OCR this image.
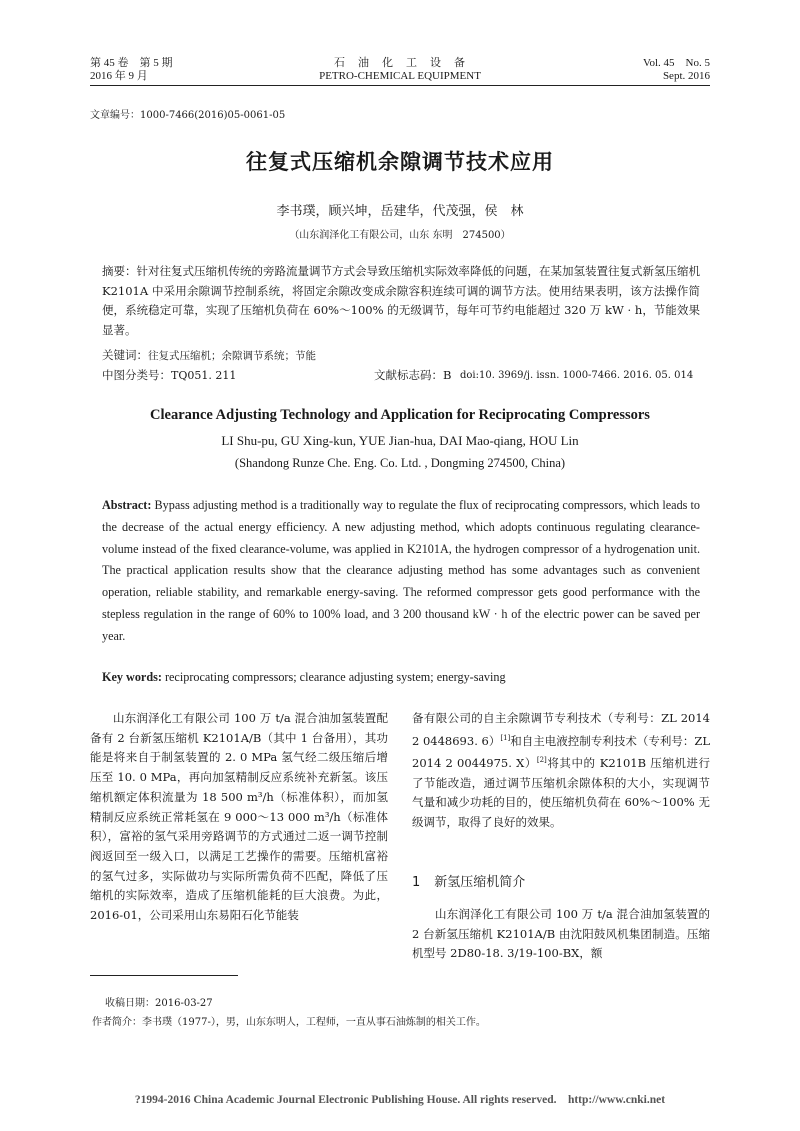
第 45 卷　第 5 期
2016 年 9 月
石　油　化　工　设　备
PETRO-CHEMICAL EQUIPMENT
Vol. 45　No. 5
Sept. 2016
文章编号：1000-7466(2016)05-0061-05
往复式压缩机余隙调节技术应用
李书璞，顾兴坤，岳建华，代茂强，侯　林
（山东润泽化工有限公司，山东 东明　274500）
摘要：针对往复式压缩机传统的旁路流量调节方式会导致压缩机实际效率降低的问题，在某加氢装置往复式新氢压缩机 K2101A 中采用余隙调节控制系统，将固定余隙改变成余隙容积连续可调的调节方法。使用结果表明，该方法操作简便，系统稳定可靠，实现了压缩机负荷在 60%～100% 的无级调节，每年可节约电能超过 320 万 kW · h，节能效果显著。
关键词：往复式压缩机；余隙调节系统；节能
中图分类号：TQ051. 211	文献标志码：B doi:10. 3969/j. issn. 1000-7466. 2016. 05. 014
Clearance Adjusting Technology and Application for Reciprocating Compressors
LI Shu-pu, GU Xing-kun, YUE Jian-hua, DAI Mao-qiang, HOU Lin
(Shandong Runze Che. Eng. Co. Ltd. , Dongming 274500, China)
Abstract: Bypass adjusting method is a traditionally way to regulate the flux of reciprocating compressors, which leads to the decrease of the actual energy efficiency. A new adjusting method, which adopts continuous regulating clearance-volume instead of the fixed clearance-volume, was applied in K2101A, the hydrogen compressor of a hydrogenation unit. The practical application results show that the clearance adjusting method has some advantages such as convenient operation, reliable stability, and remarkable energy-saving. The reformed compressor gets good performance with the stepless regulation in the range of 60% to 100% load, and 3 200 thousand kW · h of the electric power can be saved per year.
Key words: reciprocating compressors; clearance adjusting system; energy-saving
山东润泽化工有限公司 100 万 t/a 混合油加氢装置配备有 2 台新氢压缩机 K2101A/B（其中 1 台备用），其功能是将来自于制氢装置的 2. 0 MPa 氢气经二级压缩后增压至 10. 0 MPa，再向加氢精制反应系统补充新氢。该压缩机额定体积流量为 18 500 m³/h（标准体积），而加氢精制反应系统正常耗氢在 9 000～13 000 m³/h（标准体积），富裕的氢气采用旁路调节的方式通过二返一调节控制阀返回至一级入口，以满足工艺操作的需要。压缩机富裕的氢气过多，实际做功与实际所需负荷不匹配，降低了压缩机的实际效率，造成了压缩机能耗的巨大浪费。为此，2016-01，公司采用山东易阳石化节能装
备有限公司的自主余隙调节专利技术（专利号：ZL 2014 2 0448693. 6）[1]和自主电液控制专利技术（专利号：ZL 2014 2 0044975. X）[2]将其中的 K2101B 压缩机进行了节能改造，通过调节压缩机余隙体积的大小，实现调节气量和减少功耗的目的，使压缩机负荷在 60%～100% 无级调节，取得了良好的效果。
1 新氢压缩机简介
山东润泽化工有限公司 100 万 t/a 混合油加氢装置的 2 台新氢压缩机 K2101A/B 由沈阳鼓风机集团制造。压缩机型号 2D80-18. 3/19-100-BX，额
收稿日期：2016-03-27
作者简介：李书璞（1977-），男，山东东明人，工程师，一直从事石油炼制的相关工作。
?1994-2016 China Academic Journal Electronic Publishing House. All rights reserved.　http://www.cnki.net
